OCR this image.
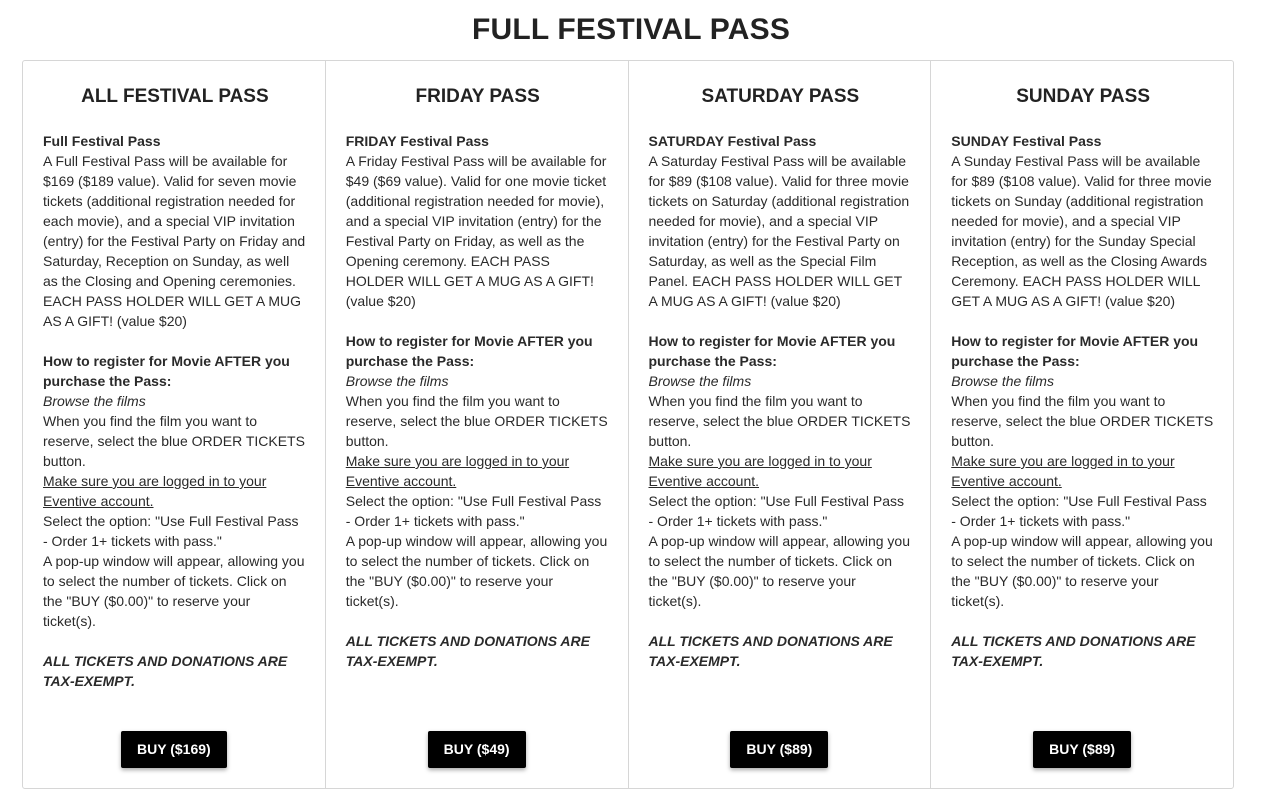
FULL FESTIVAL PASS
ALL FESTIVAL PASS

Full Festival Pass

A Full Festival Pass will be available for $169 ($189 value). Valid for seven movie tickets (additional registration needed for each movie), and a special VIP invitation (entry) for the Festival Party on Friday and Saturday, Reception on Sunday, as well as the Closing and Opening ceremonies. EACH PASS HOLDER WILL GET A MUG AS A GIFT! (value $20)

How to register for Movie AFTER you purchase the Pass:

Browse the films

When you find the film you want to reserve, select the blue ORDER TICKETS button.

Make sure you are logged in to your Eventive account.

Select the option: "Use Full Festival Pass - Order 1+ tickets with pass."

A pop-up window will appear, allowing you to select the number of tickets. Click on the "BUY ($0.00)" to reserve your ticket(s).

ALL TICKETS AND DONATIONS ARE TAX-EXEMPT.

BUY ($169)
FRIDAY PASS

FRIDAY Festival Pass

A Friday Festival Pass will be available for $49 ($69 value). Valid for one movie ticket (additional registration needed for movie), and a special VIP invitation (entry) for the Festival Party on Friday, as well as the Opening ceremony. EACH PASS HOLDER WILL GET A MUG AS A GIFT! (value $20)

How to register for Movie AFTER you purchase the Pass:

Browse the films

When you find the film you want to reserve, select the blue ORDER TICKETS button.

Make sure you are logged in to your Eventive account.

Select the option: "Use Full Festival Pass - Order 1+ tickets with pass."

A pop-up window will appear, allowing you to select the number of tickets. Click on the "BUY ($0.00)" to reserve your ticket(s).

ALL TICKETS AND DONATIONS ARE TAX-EXEMPT.

BUY ($49)
SATURDAY PASS

SATURDAY Festival Pass

A Saturday Festival Pass will be available for $89 ($108 value). Valid for three movie tickets on Saturday (additional registration needed for movie), and a special VIP invitation (entry) for the Festival Party on Saturday, as well as the Special Film Panel. EACH PASS HOLDER WILL GET A MUG AS A GIFT! (value $20)

How to register for Movie AFTER you purchase the Pass:

Browse the films

When you find the film you want to reserve, select the blue ORDER TICKETS button.

Make sure you are logged in to your Eventive account.

Select the option: "Use Full Festival Pass - Order 1+ tickets with pass."

A pop-up window will appear, allowing you to select the number of tickets. Click on the "BUY ($0.00)" to reserve your ticket(s).

ALL TICKETS AND DONATIONS ARE TAX-EXEMPT.

BUY ($89)
SUNDAY PASS

SUNDAY Festival Pass

A Sunday Festival Pass will be available for $89 ($108 value). Valid for three movie tickets on Sunday (additional registration needed for movie), and a special VIP invitation (entry) for the Sunday Special Reception, as well as the Closing Awards Ceremony. EACH PASS HOLDER WILL GET A MUG AS A GIFT! (value $20)

How to register for Movie AFTER you purchase the Pass:

Browse the films

When you find the film you want to reserve, select the blue ORDER TICKETS button.

Make sure you are logged in to your Eventive account.

Select the option: "Use Full Festival Pass - Order 1+ tickets with pass."

A pop-up window will appear, allowing you to select the number of tickets. Click on the "BUY ($0.00)" to reserve your ticket(s).

ALL TICKETS AND DONATIONS ARE TAX-EXEMPT.

BUY ($89)
